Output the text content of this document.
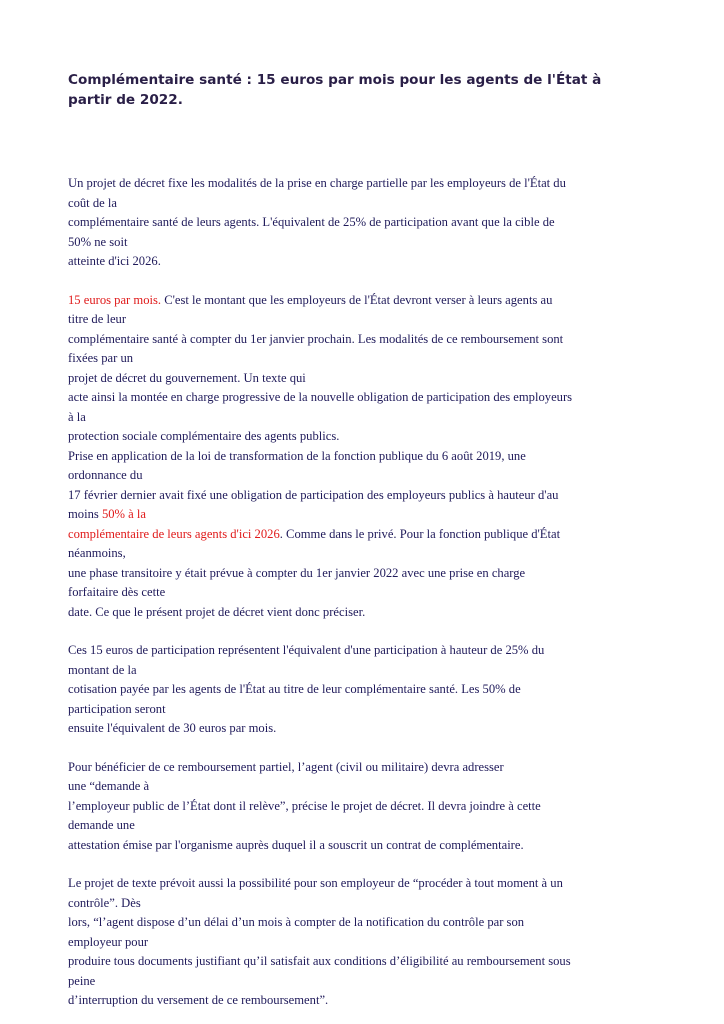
Complémentaire santé : 15 euros par mois pour les agents de l'État à
partir de 2022.
Un projet de décret fixe les modalités de la prise en charge partielle par les employeurs de l'État du
coût de la
complémentaire santé de leurs agents. L'équivalent de 25% de participation avant que la cible de
50% ne soit
atteinte d'ici 2026.
15 euros par mois. C'est le montant que les employeurs de l'État devront verser à leurs agents au
titre de leur
complémentaire santé à compter du 1er janvier prochain. Les modalités de ce remboursement sont
fixées par un
projet de décret du gouvernement. Un texte qui
acte ainsi la montée en charge progressive de la nouvelle obligation de participation des employeurs
à la
protection sociale complémentaire des agents publics.
Prise en application de la loi de transformation de la fonction publique du 6 août 2019, une
ordonnance du
17 février dernier avait fixé une obligation de participation des employeurs publics à hauteur d'au
moins 50% à la
complémentaire de leurs agents d'ici 2026. Comme dans le privé. Pour la fonction publique d'État
néanmoins,
une phase transitoire y était prévue à compter du 1er janvier 2022 avec une prise en charge
forfaitaire dès cette
date. Ce que le présent projet de décret vient donc préciser.
Ces 15 euros de participation représentent l'équivalent d'une participation à hauteur de 25% du
montant de la
cotisation payée par les agents de l'État au titre de leur complémentaire santé. Les 50% de
participation seront
ensuite l'équivalent de 30 euros par mois.
Pour bénéficier de ce remboursement partiel, l’agent (civil ou militaire) devra adresser
une “demande à
l’employeur public de l’État dont il relève”, précise le projet de décret. Il devra joindre à cette
demande une
attestation émise par l'organisme auprès duquel il a souscrit un contrat de complémentaire.
Le projet de texte prévoit aussi la possibilité pour son employeur de “procéder à tout moment à un
contrôle”. Dès
lors, “l’agent dispose d’un délai d’un mois à compter de la notification du contrôle par son
employeur pour
produire tous documents justifiant qu’il satisfait aux conditions d’éligibilité au remboursement sous
peine
d’interruption du versement de ce remboursement”.
